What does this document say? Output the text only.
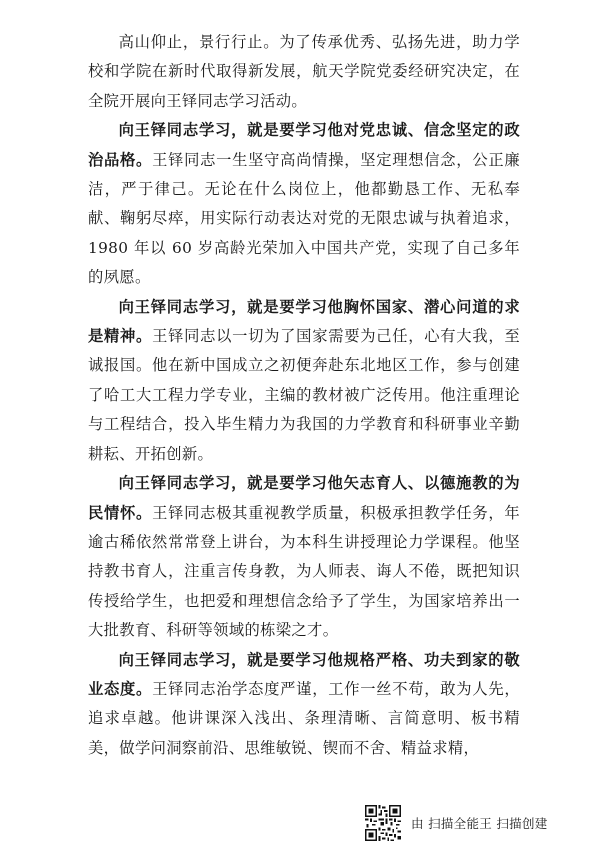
高山仰止，景行行止。为了传承优秀、弘扬先进，助力学校和学院在新时代取得新发展，航天学院党委经研究决定，在全院开展向王铎同志学习活动。

向王铎同志学习，就是要学习他对党忠诚、信念坚定的政治品格。王铎同志一生坚守高尚情操，坚定理想信念，公正廉洁，严于律己。无论在什么岗位上，他都勤恳工作、无私奉献、鞠躬尽瘁，用实际行动表达对党的无限忠诚与执着追求，1980 年以 60 岁高龄光荣加入中国共产党，实现了自己多年的夙愿。

向王铎同志学习，就是要学习他胸怀国家、潜心问道的求是精神。王铎同志以一切为了国家需要为己任，心有大我，至诚报国。他在新中国成立之初便奔赴东北地区工作，参与创建了哈工大工程力学专业，主编的教材被广泛传用。他注重理论与工程结合，投入毕生精力为我国的力学教育和科研事业辛勤耕耘、开拓创新。

向王铎同志学习，就是要学习他矢志育人、以德施教的为民情怀。王铎同志极其重视教学质量，积极承担教学任务，年逾古稀依然常常登上讲台，为本科生讲授理论力学课程。他坚持教书育人，注重言传身教，为人师表、诲人不倦，既把知识传授给学生，也把爱和理想信念给予了学生，为国家培养出一大批教育、科研等领域的栋梁之才。

向王铎同志学习，就是要学习他规格严格、功夫到家的敬业态度。王铎同志治学态度严谨，工作一丝不苟，敢为人先，追求卓越。他讲课深入浅出、条理清晰、言简意明、板书精美，做学问洞察前沿、思维敏锐、锲而不舍、精益求精，

由 扫描全能王 扫描创建
